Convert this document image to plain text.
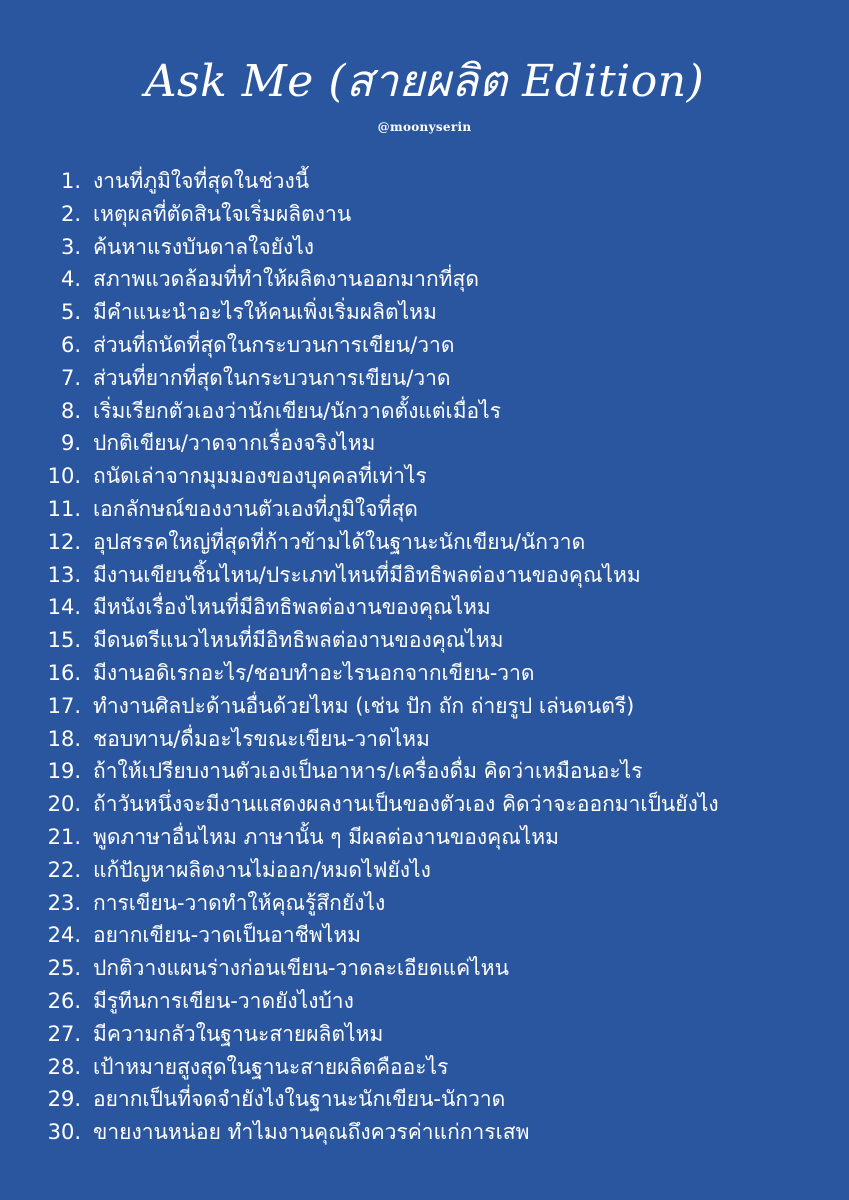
Ask Me (สายผลิต Edition)
@moonyserin
1. งานที่ภูมิใจที่สุดในช่วงนี้
2. เหตุผลที่ตัดสินใจเริ่มผลิตงาน
3. ค้นหาแรงบันดาลใจยังไง
4. สภาพแวดล้อมที่ทำให้ผลิตงานออกมากที่สุด
5. มีคำแนะนำอะไรให้คนเพิ่งเริ่มผลิตไหม
6. ส่วนที่ถนัดที่สุดในกระบวนการเขียน/วาด
7. ส่วนที่ยากที่สุดในกระบวนการเขียน/วาด
8. เริ่มเรียกตัวเองว่านักเขียน/นักวาดตั้งแต่เมื่อไร
9. ปกติเขียน/วาดจากเรื่องจริงไหม
10. ถนัดเล่าจากมุมมองของบุคคลที่เท่าไร
11. เอกลักษณ์ของงานตัวเองที่ภูมิใจที่สุด
12. อุปสรรคใหญ่ที่สุดที่ก้าวข้ามได้ในฐานะนักเขียน/นักวาด
13. มีงานเขียนชิ้นไหน/ประเภทไหนที่มีอิทธิพลต่องานของคุณไหม
14. มีหนังเรื่องไหนที่มีอิทธิพลต่องานของคุณไหม
15. มีดนตรีแนวไหนที่มีอิทธิพลต่องานของคุณไหม
16. มีงานอดิเรกอะไร/ชอบทำอะไรนอกจากเขียน-วาด
17. ทำงานศิลปะด้านอื่นด้วยไหม (เช่น ปัก ถัก ถ่ายรูป เล่นดนตรี)
18. ชอบทาน/ดื่มอะไรขณะเขียน-วาดไหม
19. ถ้าให้เปรียบงานตัวเองเป็นอาหาร/เครื่องดื่ม คิดว่าเหมือนอะไร
20. ถ้าวันหนึ่งจะมีงานแสดงผลงานเป็นของตัวเอง คิดว่าจะออกมาเป็นยังไง
21. พูดภาษาอื่นไหม ภาษานั้น ๆ มีผลต่องานของคุณไหม
22. แก้ปัญหาผลิตงานไม่ออก/หมดไฟยังไง
23. การเขียน-วาดทำให้คุณรู้สึกยังไง
24. อยากเขียน-วาดเป็นอาชีพไหม
25. ปกติวางแผนร่างก่อนเขียน-วาดละเอียดแค่ไหน
26. มีรูทีนการเขียน-วาดยังไงบ้าง
27. มีความกลัวในฐานะสายผลิตไหม
28. เป้าหมายสูงสุดในฐานะสายผลิตคืออะไร
29. อยากเป็นที่จดจำยังไงในฐานะนักเขียน-นักวาด
30. ขายงานหน่อย ทำไมงานคุณถึงควรค่าแก่การเสพ
